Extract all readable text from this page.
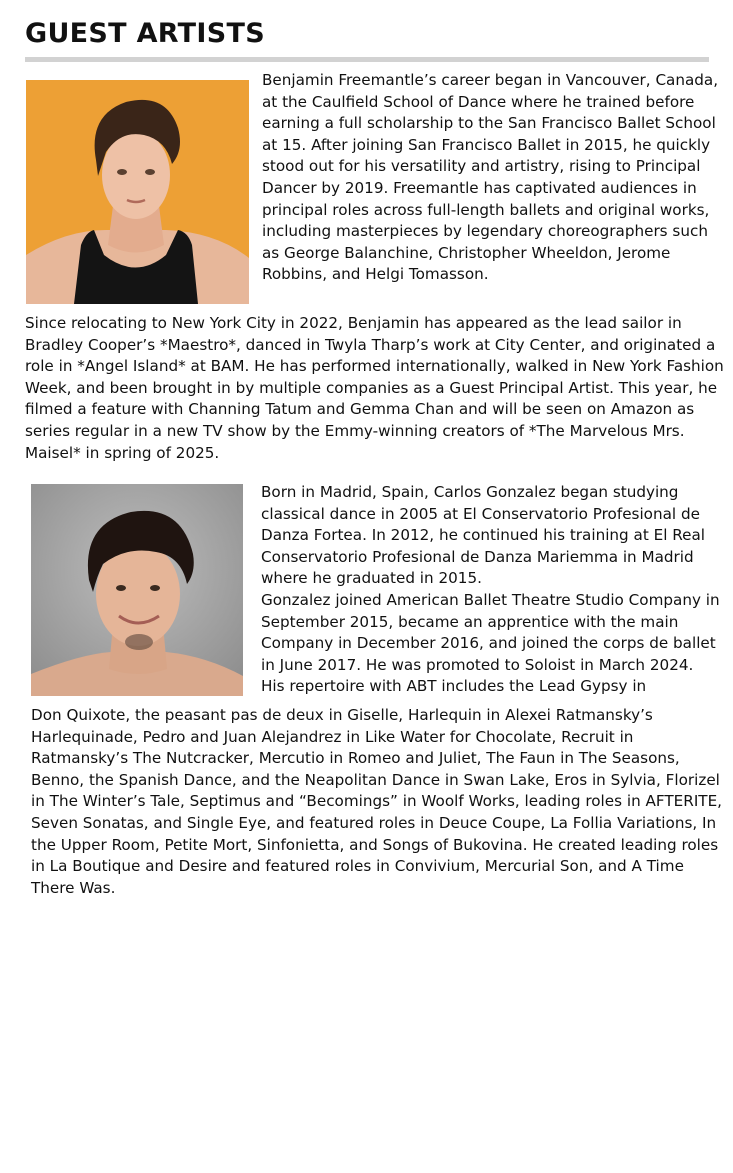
GUEST ARTISTS

Benjamin Freemantle’s career began in Vancouver, Canada, at the Caulfield School of Dance where he trained before earning a full scholarship to the San Francisco Ballet School at 15. After joining San Francisco Ballet in 2015, he quickly stood out for his versatility and artistry, rising to Principal Dancer by 2019. Freemantle has captivated audiences in principal roles across full-length ballets and original works, including masterpieces by legendary choreographers such as George Balanchine, Christopher Wheeldon, Jerome Robbins, and Helgi Tomasson.

Since relocating to New York City in 2022, Benjamin has appeared as the lead sailor in Bradley Cooper’s *Maestro*, danced in Twyla Tharp’s work at City Center, and originated a role in *Angel Island* at BAM. He has performed internationally, walked in New York Fashion Week, and been brought in by multiple companies as a Guest Principal Artist. This year, he filmed a feature with Channing Tatum and Gemma Chan and will be seen on Amazon as series regular in a new TV show by the Emmy-winning creators of *The Marvelous Mrs. Maisel* in spring of 2025.

Born in Madrid, Spain, Carlos Gonzalez began studying classical dance in 2005 at El Conservatorio Profesional de Danza Fortea. In 2012, he continued his training at El Real Conservatorio Profesional de Danza Mariemma in Madrid where he graduated in 2015.

Gonzalez joined American Ballet Theatre Studio Company in September 2015, became an apprentice with the main Company in December 2016, and joined the corps de ballet in June 2017. He was promoted to Soloist in March 2024. His repertoire with ABT includes the Lead Gypsy in

Don Quixote, the peasant pas de deux in Giselle, Harlequin in Alexei Ratmansky’s Harlequinade, Pedro and Juan Alejandrez in Like Water for Chocolate, Recruit in Ratmansky’s The Nutcracker, Mercutio in Romeo and Juliet, The Faun in The Seasons, Benno, the Spanish Dance, and the Neapolitan Dance in Swan Lake, Eros in Sylvia, Florizel in The Winter’s Tale, Septimus and “Becomings” in Woolf Works, leading roles in AFTERITE, Seven Sonatas, and Single Eye, and featured roles in Deuce Coupe, La Follia Variations, In the Upper Room, Petite Mort, Sinfonietta, and Songs of Bukovina. He created leading roles in La Boutique and Desire and featured roles in Convivium, Mercurial Son, and A Time There Was.
